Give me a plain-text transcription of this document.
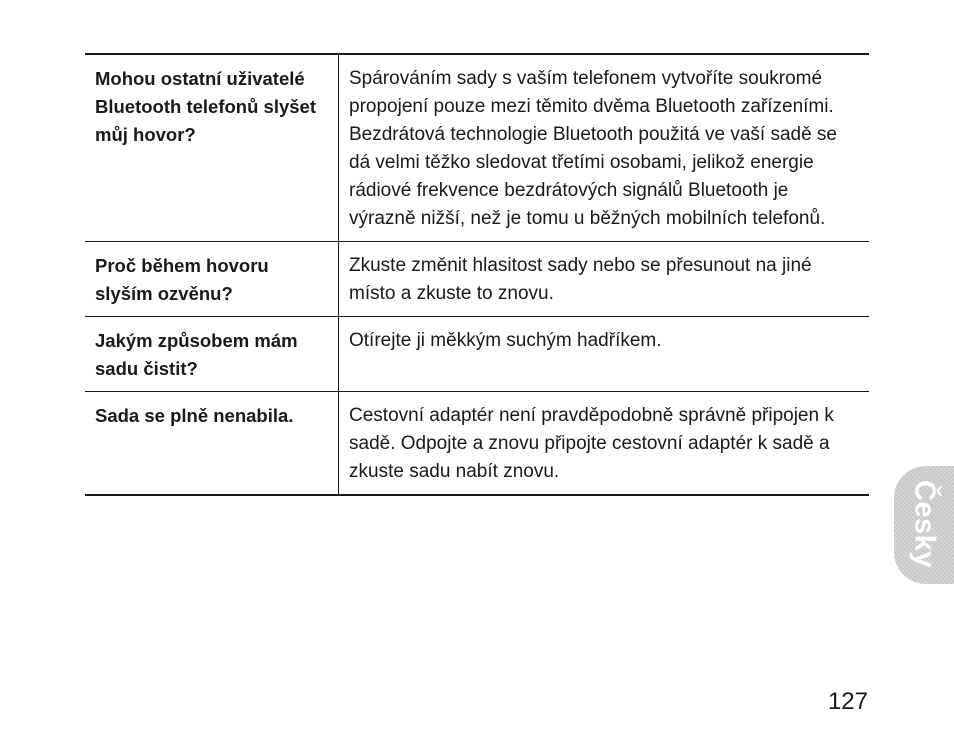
Mohou ostatní uživatelé Bluetooth telefonů slyšet můj hovor?	Spárováním sady s vaším telefonem vytvoříte soukromé propojení pouze mezi těmito dvěma Bluetooth zařízeními. Bezdrátová technologie Bluetooth použitá ve vaší sadě se dá velmi těžko sledovat třetími osobami, jelikož energie rádiové frekvence bezdrátových signálů Bluetooth je výrazně nižší, než je tomu u běžných mobilních telefonů.
Proč během hovoru slyším ozvěnu?	Zkuste změnit hlasitost sady nebo se přesunout na jiné místo a zkuste to znovu.
Jakým způsobem mám sadu čistit?	Otírejte ji měkkým suchým hadříkem.
Sada se plně nenabila.	Cestovní adaptér není pravděpodobně správně připojen k sadě. Odpojte a znovu připojte cestovní adaptér k sadě a zkuste sadu nabít znovu.
Česky
127
